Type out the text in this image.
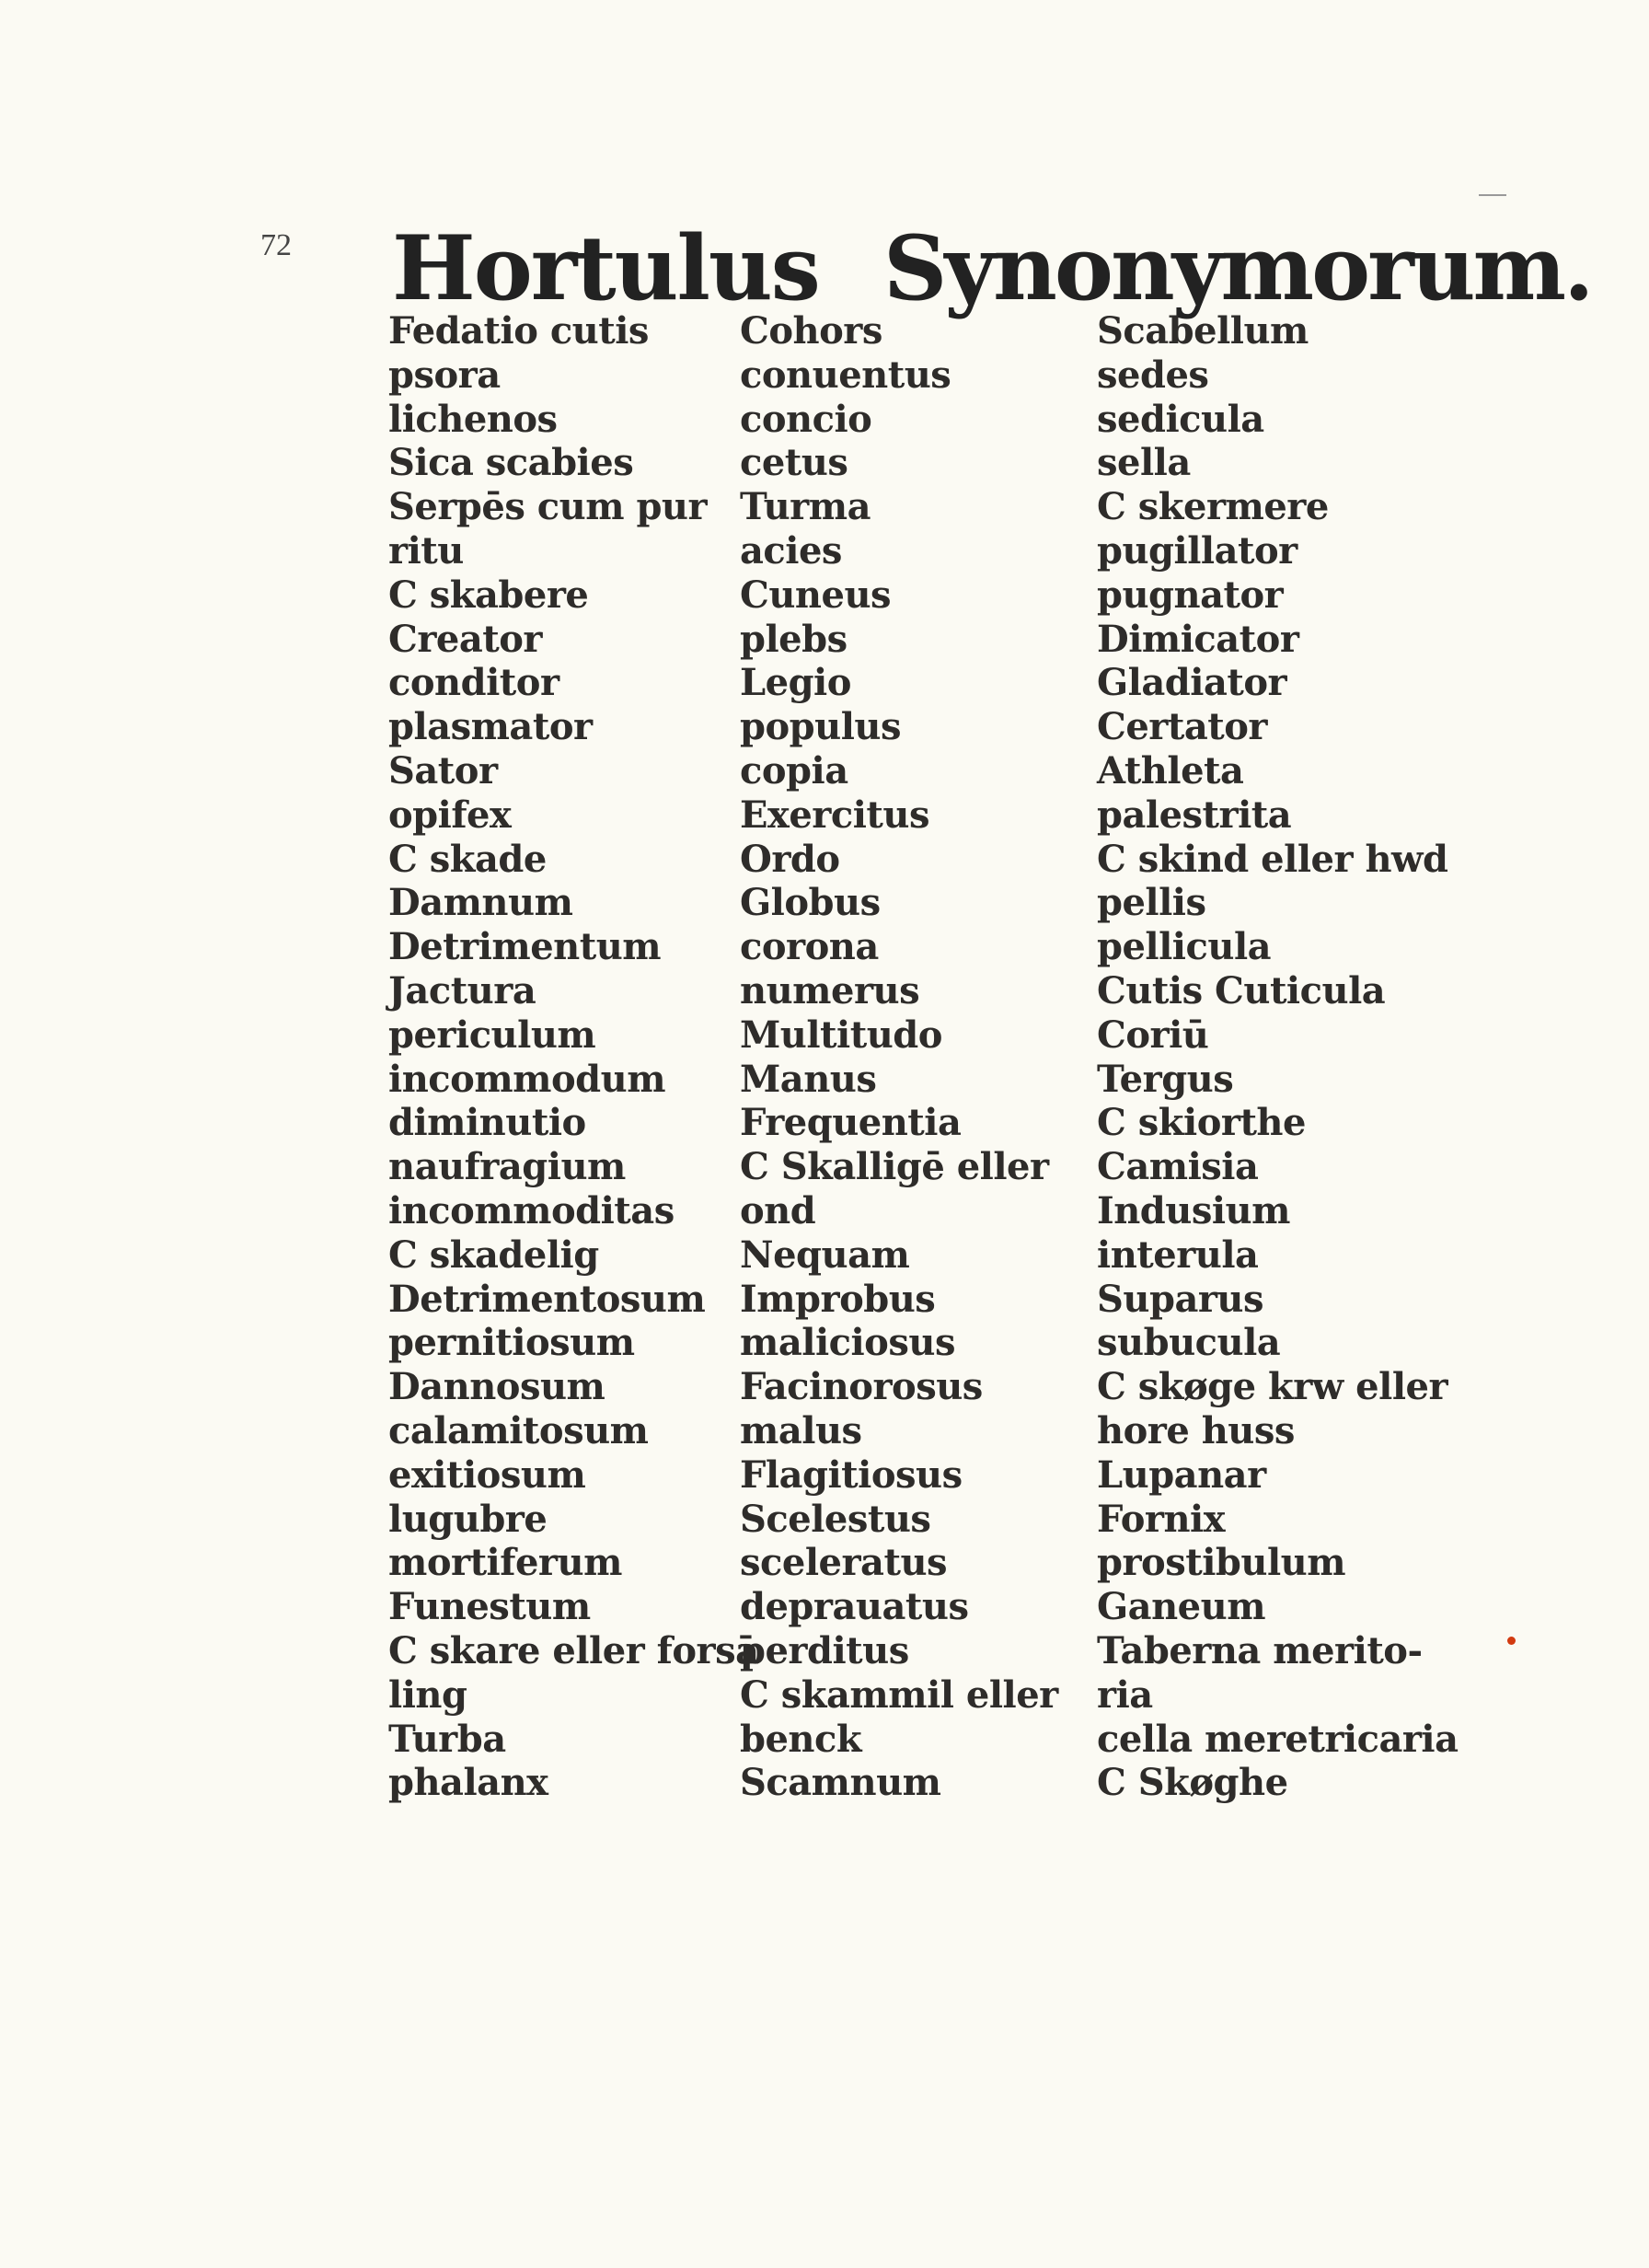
72 Hortulus Synonymorum.
Fedatio cutis
psora
lichenos
Sica scabies
Serpēs cum pur
ritu
C skabere
Creator
conditor
plasmator
Sator
opifex
C skade
Damnum
Detrimentum
Jactura
periculum
incommodum
diminutio
naufragium
incommoditas
C skadelig
Detrimentosum
pernitiosum
Dannosum
calamitosum
exitiosum
lugubre
mortiferum
Funestum
C skare eller forsā
ling
Turba
phalanx
Cohors
conuentus
concio
cetus
Turma
acies
Cuneus
plebs
Legio
populus
copia
Exercitus
Ordo
Globus
corona
numerus
Multitudo
Manus
Frequentia
C Skalligē eller
ond
Nequam
Improbus
maliciosus
Facinorosus
malus
Flagitiosus
Scelestus
sceleratus
deprauatus
perditus
C skammil eller
benck
Scamnum
Scabellum
sedes
sedicula
sella
C skermere
pugillator
pugnator
Dimicator
Gladiator
Certator
Athleta
palestrita
C skind eller hwd
pellis
pellicula
Cutis Cuticula
Coriū
Tergus
C skiorthe
Camisia
Indusium
interula
Suparus
subucula
C skøge krw eller
hore huss
Lupanar
Fornix
prostibulum
Ganeum
Taberna merito-
ria
cella meretricaria
C Skøghe
